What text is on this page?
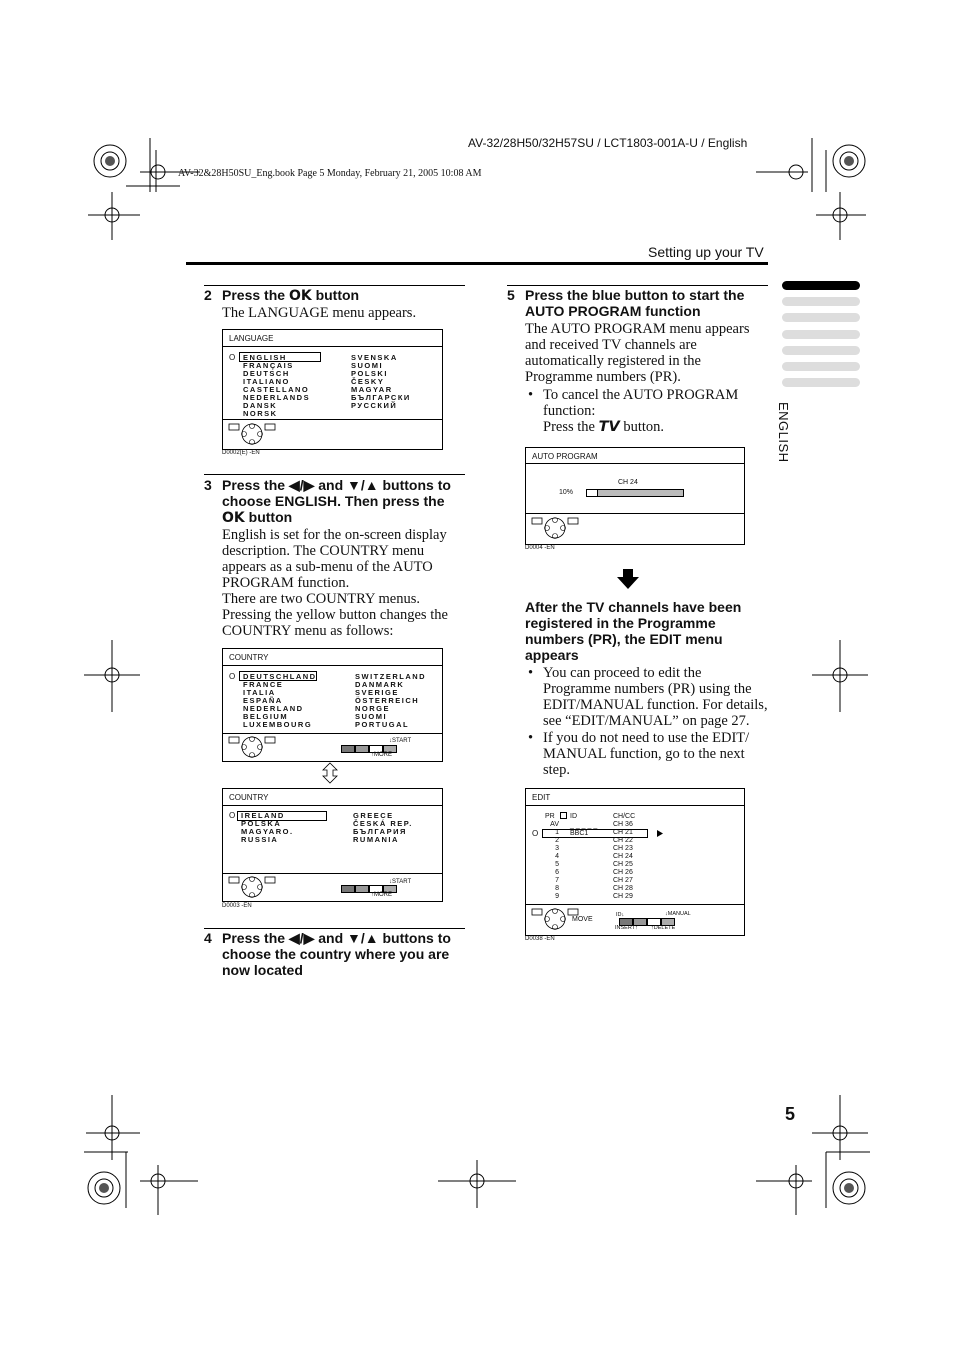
AV-32/28H50/32H57SU / LCT1803-001A-U / English
AV-32&28H50SU_Eng.book Page 5 Monday, February 21, 2005 10:08 AM
Setting up your TV
ENGLISH
2 Press the OK button
The LANGUAGE menu appears.
LANGUAGE
O ENGLISH
FRANÇAIS
DEUTSCH
ITALIANO
CASTELLANO
NEDERLANDS
DANSK
NORSK
SVENSKA
SUOMI
POLSKI
ČESKY
MAGYAR
БЪЛГАРСКИ
РУССКИЙ
D0002(E) -EN
3 Press the ◀/▶ and ▼/▲ buttons to
choose ENGLISH. Then press the
OK button
English is set for the on-screen display
description. The COUNTRY menu
appears as a sub-menu of the AUTO
PROGRAM function.
There are two COUNTRY menus.
Pressing the yellow button changes the
COUNTRY menu as follows:
COUNTRY
O DEUTSCHLAND
FRANCE
ITALIA
ESPAÑA
NEDERLAND
BELGIUM
LUXEMBOURG
SWITZERLAND
DANMARK
SVERIGE
ÖSTERREICH
NORGE
SUOMI
PORTUGAL
↓START
↑MORE
COUNTRY
O IRELAND
POLSKA
MAGYARO.
RUSSIA
GREECE
ČESKÁ REP.
БЪЛГАРИЯ
RUMANIA
↓START
↑MORE
D0003 -EN
4 Press the ◀/▶ and ▼/▲ buttons to
choose the country where you are
now located
5 Press the blue button to start the
AUTO PROGRAM function
The AUTO PROGRAM menu appears
and received TV channels are
automatically registered in the
Programme numbers (PR).
• To cancel the AUTO PROGRAM
function:
Press the TV button.
AUTO PROGRAM
CH 24
10%
D0004 -EN
After the TV channels have been
registered in the Programme
numbers (PR), the EDIT menu
appears
• You can proceed to edit the
Programme numbers (PR) using the
EDIT/MANUAL function. For details,
see “EDIT/MANUAL” on page 27.
• If you do not need to use the EDIT/
MANUAL function, go to the next
step.
EDIT
PR ID	CH/CC
AV
1
2
3
4
5
6
7
8
9
_ _ _ _ _
BBC1
CH 36
CH 21
CH 22
CH 23
CH 24
CH 25
CH 26
CH 27
CH 28
CH 29
O
MOVE
ID↓	↓MANUAL
INSERT↑ ↑DELETE
D0038 -EN
5
